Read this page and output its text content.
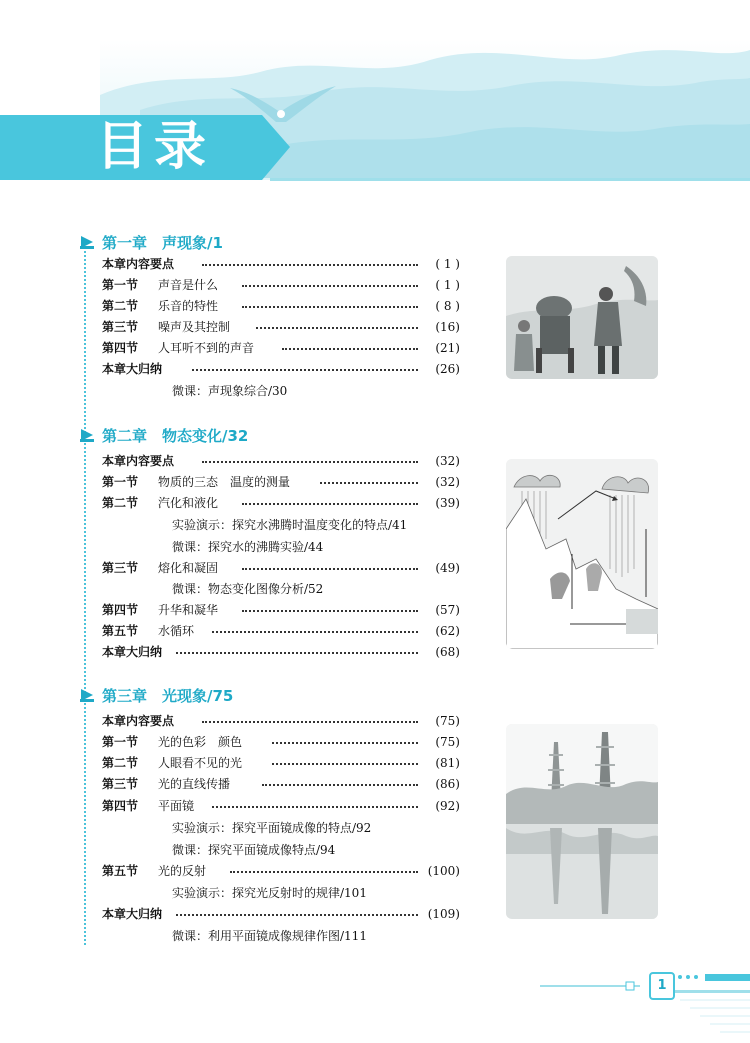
目录
第一章　声现象/1
本章内容要点	( 1 )
第一节 声音是什么	( 1 )
第二节 乐音的特性	( 8 )
第三节 噪声及其控制	(16)
第四节 人耳听不到的声音	(21)
本章大归纳	(26)
微课：声现象综合/30
第二章　物态变化/32
本章内容要点	(32)
第一节 物质的三态　温度的测量	(32)
第二节 汽化和液化	(39)
实验演示：探究水沸腾时温度变化的特点/41
微课：探究水的沸腾实验/44
第三节 熔化和凝固	(49)
微课：物态变化图像分析/52
第四节 升华和凝华	(57)
第五节 水循环	(62)
本章大归纳	(68)
第三章　光现象/75
本章内容要点	(75)
第一节 光的色彩　颜色	(75)
第二节 人眼看不见的光	(81)
第三节 光的直线传播	(86)
第四节 平面镜	(92)
实验演示：探究平面镜成像的特点/92
微课：探究平面镜成像特点/94
第五节 光的反射	(100)
实验演示：探究光反射时的规律/101
本章大归纳	(109)
微课：利用平面镜成像规律作图/111
1
